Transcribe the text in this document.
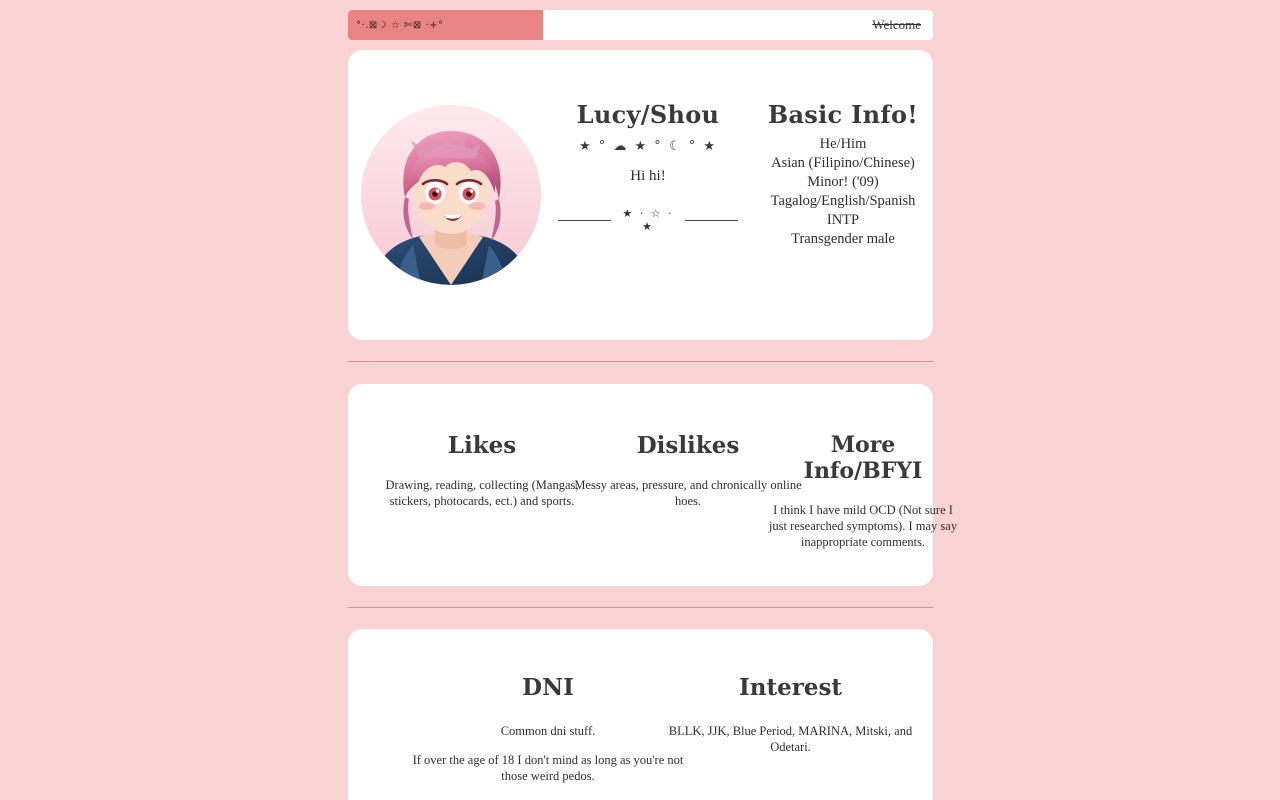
°·.⊠☽ ☆ ✄⊠ ·+°	Welcome
Lucy/Shou
★ ° ☁ ★ ° ☾ ° ★

Hi hi!

★ · ☆ · ★
Basic Info!
He/Him
Asian (Filipino/Chinese)
Minor! ('09)
Tagalog/English/Spanish
INTP
Transgender male
Likes

Drawing, reading, collecting (Mangas, stickers, photocards, ect.) and sports.

Dislikes

Messy areas, pressure, and chronically online hoes.

More Info/BFYI

I think I have mild OCD (Not sure I just researched symptoms). I may say inappropriate comments.

DNI

Common dni stuff.

If over the age of 18 I don't mind as long as you're not those weird pedos.

Interest

BLLK, JJK, Blue Period, MARINA, Mitski, and Odetari.
